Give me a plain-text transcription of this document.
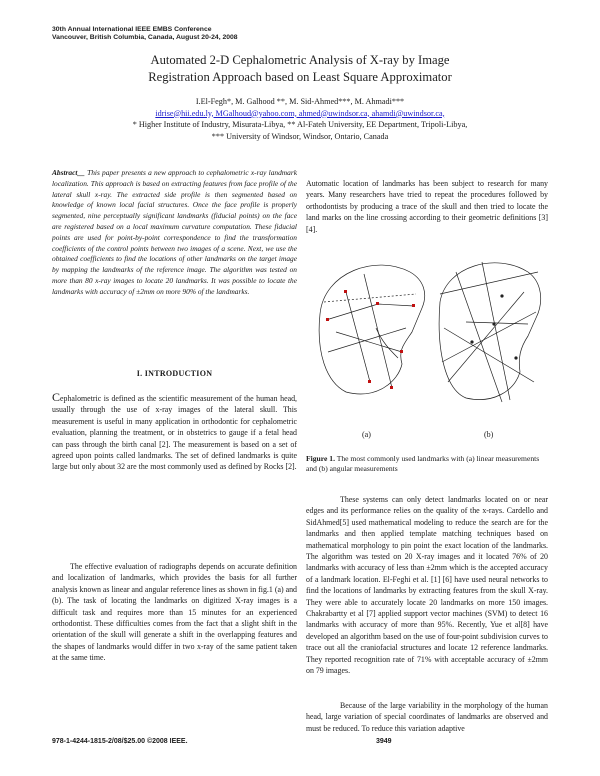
30th Annual International IEEE EMBS Conference
Vancouver, British Columbia, Canada, August 20-24, 2008
Automated 2-D Cephalometric Analysis of X-ray by Image
Registration Approach based on Least Square Approximator
I.El-Fegh*, M. Galhood **, M. Sid-Ahmed***, M. Ahmadi***
idrise@hii.edu.ly, MGalhoud@yahoo.com, ahmed@uwindsor.ca, ahamdi@uwindsor.ca,
* Higher Institute of Industry, Misurata-Libya, ** Al-Fateh University, EE Department, Tripoli-Libya,
*** University of Windsor, Windsor, Ontario, Canada
Abstract__ This paper presents a new approach to cephalometric x-ray landmark localization. This approach is based on extracting features from face profile of the lateral skull x-ray. The extracted side profile is then segmented based on knowledge of known local facial structures. Once the face profile is properly segmented, nine perceptually significant landmarks (fiducial points) on the face are registered based on a local maximum curvature computation. These fiducial points are used for point-by-point correspondence to find the transformation coefficients of the control points between two images of a scene. Next, we use the obtained coefficients to find the locations of other landmarks on the target image by mapping the landmarks of the reference image. The algorithm was tested on more than 80 x-ray images to locate 20 landmarks. It was possible to locate the landmarks with accuracy of ±2mm on more 90% of the landmarks.
I. INTRODUCTION
Cephalometric is defined as the scientific measurement of the human head, usually through the use of x-ray images of the lateral skull. This measurement is useful in many application in orthodontic for cephalometric evaluation, planning the treatment, or in obstetrics to gauge if a fetal head can pass through the birth canal [2]. The measurement is based on a set of agreed upon points called landmarks. The set of defined landmarks is quite large but only about 32 are the most commonly used as defined by Rocks [2].
The effective evaluation of radiographs depends on accurate definition and localization of landmarks, which provides the basis for all further analysis known as linear and angular reference lines as shown in fig.1 (a) and (b). The task of locating the landmarks on digitized X-ray images is a difficult task and requires more than 15 minutes for an experienced orthodontist. These difficulties comes from the fact that a slight shift in the orientation of the skull will generate a shift in the overlapping features and the shapes of landmarks would differ in two x-ray of the same patient taken at the same time.
Automatic location of landmarks has been subject to research for many years. Many researchers have tried to repeat the procedures followed by orthodontists by producing a trace of the skull and then tried to locate the land marks on the line crossing according to their geometric definitions [3][4].
(a)	(b)
Figure 1. The most commonly used landmarks with (a) linear measurements and (b) angular measurements
These systems can only detect landmarks located on or near edges and its performance relies on the quality of the x-rays. Cardello and SidAhmed[5] used mathematical modeling to reduce the search are for the landmarks and then applied template matching techniques based on mathematical morphology to pin point the exact location of the landmarks. The algorithm was tested on 20 X-ray images and it located 76% of 20 landmarks with accuracy of less than ±2mm which is the accepted accuracy of a landmark location. El-Feghi et al. [1] [6] have used neural networks to find the locations of landmarks by extracting features from the skull X-ray. They were able to accurately locate 20 landmarks on more 150 images. Chakrabartty et al [7] applied support vector machines (SVM) to detect 16 landmarks with accuracy of more than 95%. Recently, Yue et al[8] have developed an algorithm based on the use of four-point subdivision curves to trace out all the craniofacial structures and locate 12 reference landmarks. They reported recognition rate of 71% with acceptable accuracy of ±2mm on 79 images.
Because of the large variability in the morphology of the human head, large variation of special coordinates of landmarks are observed and must be reduced. To reduce this variation adaptive
978-1-4244-1815-2/08/$25.00 ©2008 IEEE.	3949
